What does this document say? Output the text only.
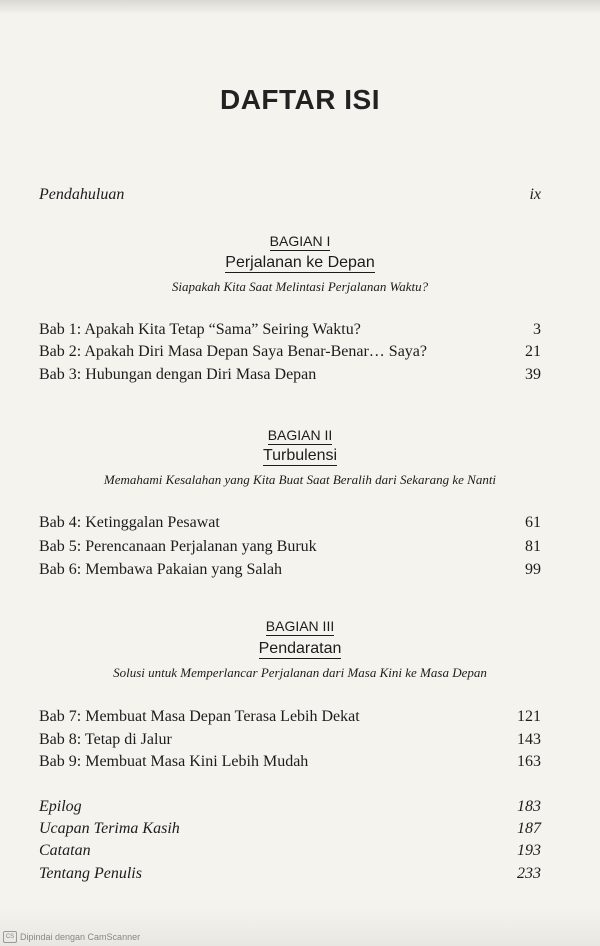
DAFTAR ISI
Pendahuluan	ix
BAGIAN I
Perjalanan ke Depan
Siapakah Kita Saat Melintasi Perjalanan Waktu?
Bab 1: Apakah Kita Tetap “Sama” Seiring Waktu?	3
Bab 2: Apakah Diri Masa Depan Saya Benar-Benar… Saya?	21
Bab 3: Hubungan dengan Diri Masa Depan	39
BAGIAN II
Turbulensi
Memahami Kesalahan yang Kita Buat Saat Beralih dari Sekarang ke Nanti
Bab 4: Ketinggalan Pesawat	61
Bab 5: Perencanaan Perjalanan yang Buruk	81
Bab 6: Membawa Pakaian yang Salah	99
BAGIAN III
Pendaratan
Solusi untuk Memperlancar Perjalanan dari Masa Kini ke Masa Depan
Bab 7: Membuat Masa Depan Terasa Lebih Dekat	121
Bab 8: Tetap di Jalur	143
Bab 9: Membuat Masa Kini Lebih Mudah	163
Epilog	183
Ucapan Terima Kasih	187
Catatan	193
Tentang Penulis	233
CS Dipindai dengan CamScanner
